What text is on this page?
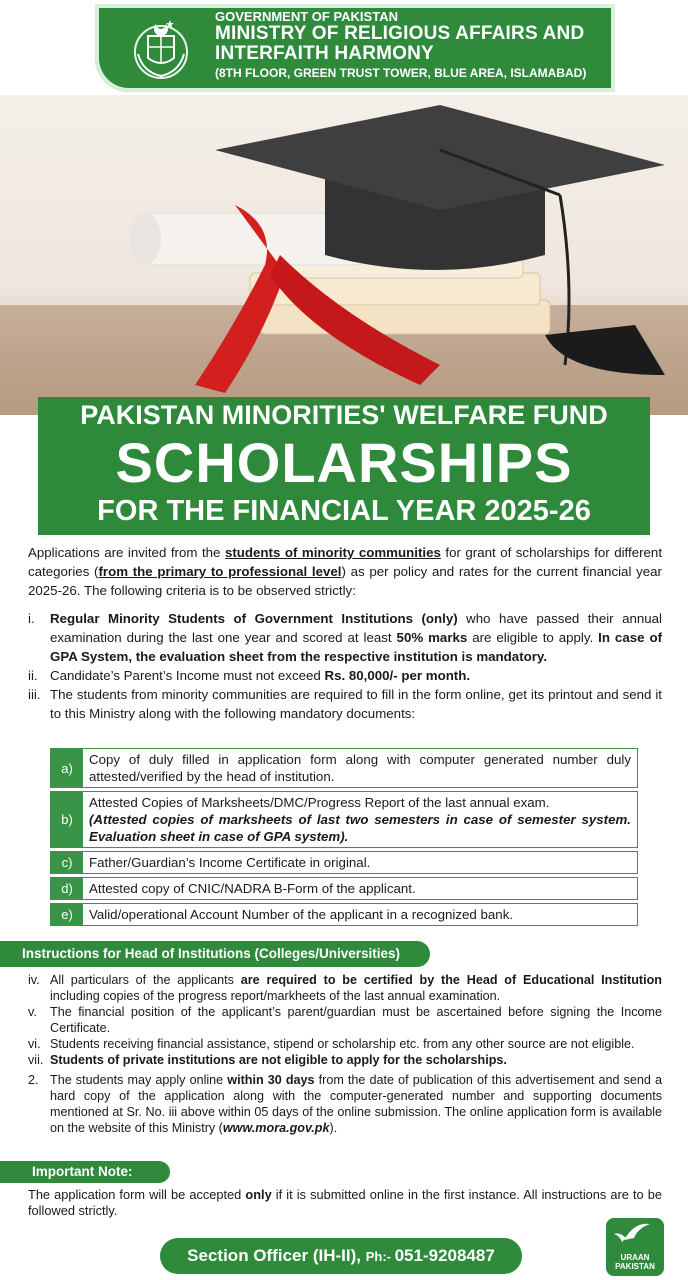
GOVERNMENT OF PAKISTAN
MINISTRY OF RELIGIOUS AFFAIRS AND
INTERFAITH HARMONY
(8TH FLOOR, GREEN TRUST TOWER, BLUE AREA, ISLAMABAD)
PAKISTAN MINORITIES' WELFARE FUND
SCHOLARSHIPS
FOR THE FINANCIAL YEAR 2025-26
Applications are invited from the students of minority communities for grant of scholarships for different categories (from the primary to professional level) as per policy and rates for the current financial year 2025-26. The following criteria is to be observed strictly:
i. Regular Minority Students of Government Institutions (only) who have passed their annual examination during the last one year and scored at least 50% marks are eligible to apply. In case of GPA System, the evaluation sheet from the respective institution is mandatory.
ii. Candidate’s Parent’s Income must not exceed Rs. 80,000/- per month.
iii. The students from minority communities are required to fill in the form online, get its printout and send it to this Ministry along with the following mandatory documents:
a)
Copy of duly filled in application form along with computer generated number duly attested/verified by the head of institution.
b)
Attested Copies of Marksheets/DMC/Progress Report of the last annual exam.
(Attested copies of marksheets of last two semesters in case of semester system. Evaluation sheet in case of GPA system).
c)	Father/Guardian’s Income Certificate in original.
d)	Attested copy of CNIC/NADRA B-Form of the applicant.
e)	Valid/operational Account Number of the applicant in a recognized bank.
Instructions for Head of Institutions (Colleges/Universities)
iv. All particulars of the applicants are required to be certified by the Head of Educational Institution including copies of the progress report/markheets of the last annual examination.
v. The financial position of the applicant’s parent/guardian must be ascertained before signing the Income Certificate.
vi. Students receiving financial assistance, stipend or scholarship etc. from any other source are not eligible.
vii. Students of private institutions are not eligible to apply for the scholarships.
2. The students may apply online within 30 days from the date of publication of this advertisement and send a hard copy of the application along with the computer-generated number and supporting documents mentioned at Sr. No. iii above within 05 days of the online submission. The online application form is available on the website of this Ministry (www.mora.gov.pk).
Important Note:
The application form will be accepted only if it is submitted online in the first instance. All instructions are to be followed strictly.
Section Officer (IH-II), Ph:- 051-9208487	URAAN
PAKISTAN
